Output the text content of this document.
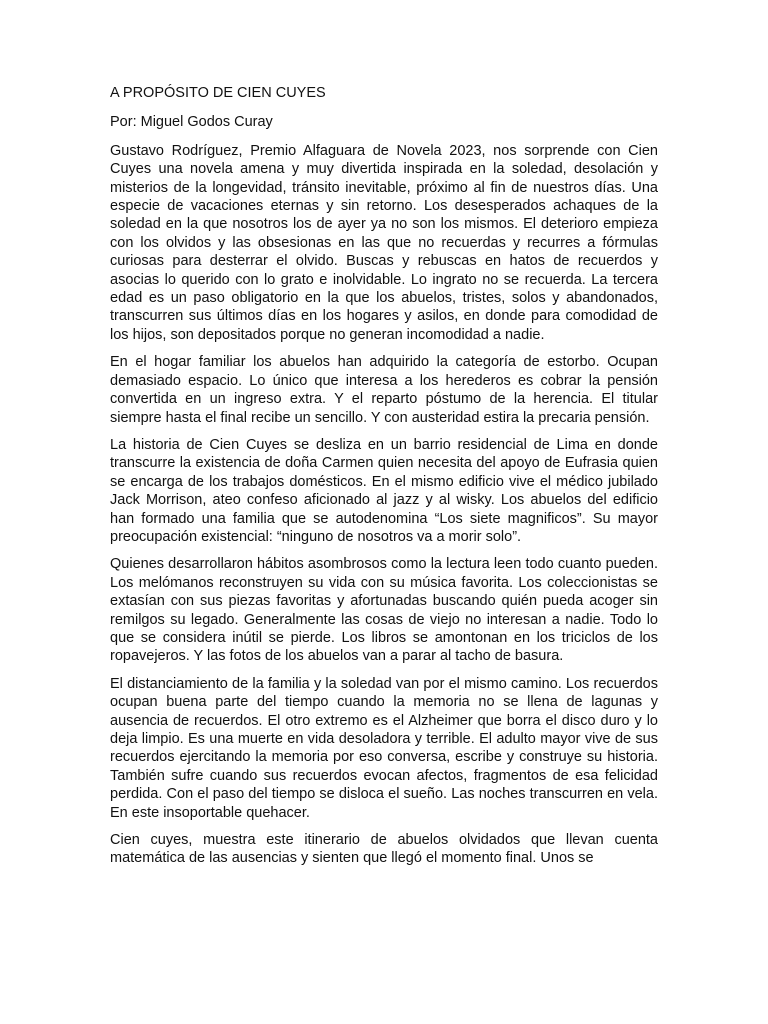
A PROPÓSITO DE CIEN CUYES
Por: Miguel Godos Curay

Gustavo Rodríguez, Premio Alfaguara de Novela 2023, nos sorprende con Cien Cuyes una novela amena y muy divertida inspirada en la soledad, desolación y misterios de la longevidad, tránsito inevitable, próximo al fin de nuestros días. Una especie de vacaciones eternas y sin retorno. Los desesperados achaques de la soledad en la que nosotros los de ayer ya no son los mismos. El deterioro empieza con los olvidos y las obsesionas en las que no recuerdas y recurres a fórmulas curiosas para desterrar el olvido. Buscas y rebuscas en hatos de recuerdos y asocias lo querido con lo grato e inolvidable. Lo ingrato no se recuerda. La tercera edad es un paso obligatorio en la que los abuelos, tristes, solos y abandonados, transcurren sus últimos días en los hogares y asilos, en donde para comodidad de los hijos, son depositados porque no generan incomodidad a nadie.

En el hogar familiar los abuelos han adquirido la categoría de estorbo. Ocupan demasiado espacio. Lo único que interesa a los herederos es cobrar la pensión convertida en un ingreso extra. Y el reparto póstumo de la herencia. El titular siempre hasta el final recibe un sencillo. Y con austeridad estira la precaria pensión.

La historia de Cien Cuyes se desliza en un barrio residencial de Lima en donde transcurre la existencia de doña Carmen quien necesita del apoyo de Eufrasia quien se encarga de los trabajos domésticos. En el mismo edificio vive el médico jubilado Jack Morrison, ateo confeso aficionado al jazz y al wisky. Los abuelos del edificio han formado una familia que se autodenomina “Los siete magnificos”. Su mayor preocupación existencial: “ninguno de nosotros va a morir solo”.

Quienes desarrollaron hábitos asombrosos como la lectura leen todo cuanto pueden. Los melómanos reconstruyen su vida con su música favorita. Los coleccionistas se extasían con sus piezas favoritas y afortunadas buscando quién pueda acoger sin remilgos su legado. Generalmente las cosas de viejo no interesan a nadie. Todo lo que se considera inútil se pierde. Los libros se amontonan en los triciclos de los ropavejeros. Y las fotos de los abuelos van a parar al tacho de basura.

El distanciamiento de la familia y la soledad van por el mismo camino. Los recuerdos ocupan buena parte del tiempo cuando la memoria no se llena de lagunas y ausencia de recuerdos. El otro extremo es el Alzheimer que borra el disco duro y lo deja limpio. Es una muerte en vida desoladora y terrible. El adulto mayor vive de sus recuerdos ejercitando la memoria por eso conversa, escribe y construye su historia. También sufre cuando sus recuerdos evocan afectos, fragmentos de esa felicidad perdida. Con el paso del tiempo se disloca el sueño. Las noches transcurren en vela. En este insoportable quehacer.

Cien cuyes, muestra este itinerario de abuelos olvidados que llevan cuenta matemática de las ausencias y sienten que llegó el momento final. Unos se
